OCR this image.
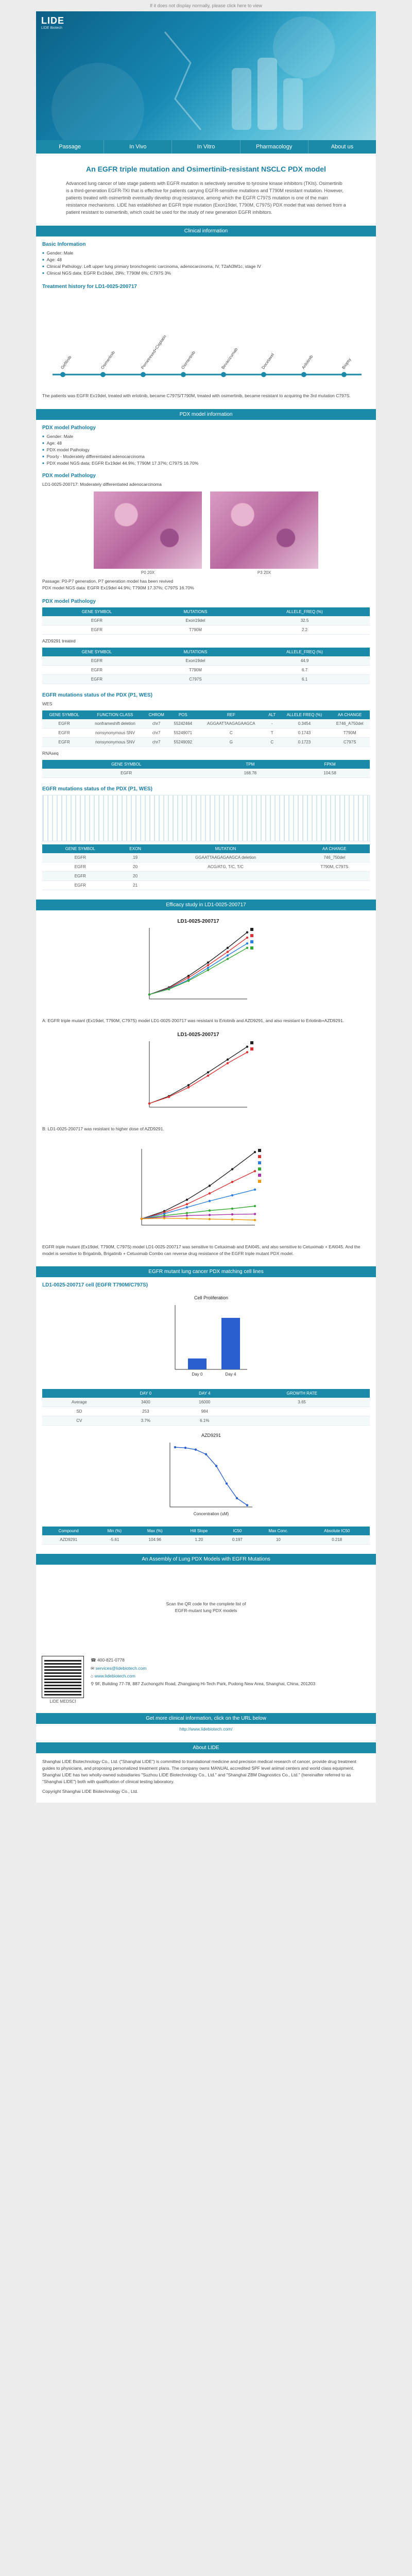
If it does not display normally, please click here to view
LIDE
LIDE Biotech
Passage	In Vivo	In Vitro	Pharmacology	About us
An EGFR triple mutation and Osimertinib-resistant NSCLC PDX model

Advanced lung cancer of late stage patients with EGFR mutation is selectively sensitive to tyrosine kinase inhibitors (TKIs). Osimertinib is a third-generation EGFR-TKI that is effective for patients carrying EGFR-sensitive mutations and T790M resistant mutation. However, patients treated with osimertinib eventually develop drug resistance, among which the EGFR C797S mutation is one of the main resistance mechanisms. LIDE has established an EGFR triple mutation (Exon19del, T790M, C797S) PDX model that was derived from a patient resistant to osimertinib, which could be used for the study of new generation EGFR inhibitors.

Clinical information
Basic Information
■ Gender: Male
■ Age: 48
■ Clinical Pathology: Left upper lung primary bronchogenic carcinoma, adenocarcinoma, IV, T2aN3M1c, stage IV
■ Clinical NGS data: EGFR Ex19del, 29%; T790M 6%; C797S 3%
Treatment history for LD1-0025-200717
Gefitinib	Osimertinib	Pemetrexed+Cisplatin	Osimertinib	Bevacizumab	Docetaxel	Anlotinib	Biopsy

The patients was EGFR Ex19del, treated with erlotinib, became C797S/T790M, treated with osimertinib, became resistant to acquiring the 3rd mutation C797S.

PDX model information
PDX model Pathology
■ Gender: Male
■ Age: 48
■ PDX model Pathology
■ Poorly - Moderately differentiated adenocarcinoma
■ PDX model NGS data: EGFR Ex19del 44.9%; T790M 17.37%; C797S 16.70%
PDX model Pathology

LD1-0025-200717: Moderately differentiated adenocarcinoma

P0 20X	P3 20X

Passage: P0-P7 generation, P7 generation model has been revived

PDX model NGS data: EGFR Ex19del 44.9%; T790M 17.37%; C797S 16.70%

PDX model Pathology
GENE SYMBOL	MUTATIONS	ALLELE_FREQ (%)
EGFR	Exon19del	32.5
EGFR	T790M	2.2

AZD9291 treated

GENE SYMBOL	MUTATIONS	ALLELE_FREQ (%)
EGFR	Exon19del	44.9
EGFR	T790M	6.7
EGFR	C797S	6.1
EGFR mutations status of the PDX (P1, WES)

WES

GENE SYMBOL	FUNCTION CLASS	CHROM	POS	REF	ALT	ALLELE FREQ (%)	AA CHANGE
EGFR	nonframeshift deletion	chr7	55242464	AGGAATTAAGAGAAGCA	-	0.3454	E746_A750del
EGFR	nonsynonymous SNV	chr7	55249071	C	T	0.1743	T790M
EGFR	nonsynonymous SNV	chr7	55249092	G	C	0.1723	C797S

RNAseq

GENE SYMBOL	TPM	FPKM
EGFR	168.78	104.58
EGFR mutations status of the PDX (P1, WES)
GENE SYMBOL	EXON	MUTATION	AA CHANGE
EGFR	19	GGAATTAAGAGAAGCA deletion	746_750del
EGFR	20	ACG/ATG, T/C, T/C	T790M, C797S
EGFR	20		
EGFR	21		
Efficacy study in LD1-0025-200717
LD1-0025-200717

A: EGFR triple mutant (Ex19del, T790M, C797S) model LD1-0025-200717 was resistant to Erlotinib and AZD9291, and also resistant to Erlotinib+AZD9291.

LD1-0025-200717

B: LD1-0025-200717 was resistant to higher dose of AZD9291.

EGFR triple mutant (Ex19del, T790M, C797S) model LD1-0025-200717 was sensitive to Cetuximab and EAI045, and also sensitive to Cetuximab + EAI045. And the model is sensitive to Brigatinib, Brigatinib + Cetuximab Combo can reverse drug resistance of the EGFR triple mutant PDX model.

EGFR mutant lung cancer PDX matching cell lines
LD1-0025-200717 cell (EGFR T790M/C797S)
Cell Proliferation
Day 0	Day 4
	DAY 0	DAY 4	GROWTH RATE
Average	3400	16000	3.65
SD	253	984	
CV	3.7%	6.1%	
AZD9291
Concentration (uM)
Compound	Min (%)	Max (%)	Hill Slope	IC50	Max Conc.	Absolute IC50
AZD9291	-5.61	104.96	1.20	0.197	10	0.218
An Assembly of Lung PDX Models with EGFR Mutations

Scan the QR code for the complete list of

EGFR-mutant lung PDX models

LIDE MEDSCI
☎ 400-821-0778
✉ services@lidebiotech.com
⌂ www.lidebiotech.com
⚲ 9F, Building 77-78, 887 Zuchongzhi Road, Zhangjiang Hi-Tech Park, Pudong New Area, Shanghai, China, 201203
Get more clinical information, click on the URL below

http://www.lidebiotech.com/

About LIDE

Shanghai LIDE Biotechnology Co., Ltd. ("Shanghai LIDE") is committed to translational medicine and precision medical research of cancer, provide drug treatment guides to physicians, and proposing personalized treatment plans. The company owns MANUAL accredited SPF level animal centers and world class equipment. Shanghai LIDE has two wholly-owned subsidiaries "Suzhou LIDE Biotechnology Co., Ltd." and "Shanghai ZBM Diagnostics Co., Ltd." (hereinafter referred to as "Shanghai LIDE") both with qualification of clinical testing laboratory.

Copyright Shanghai LIDE Biotechnology Co., Ltd.
